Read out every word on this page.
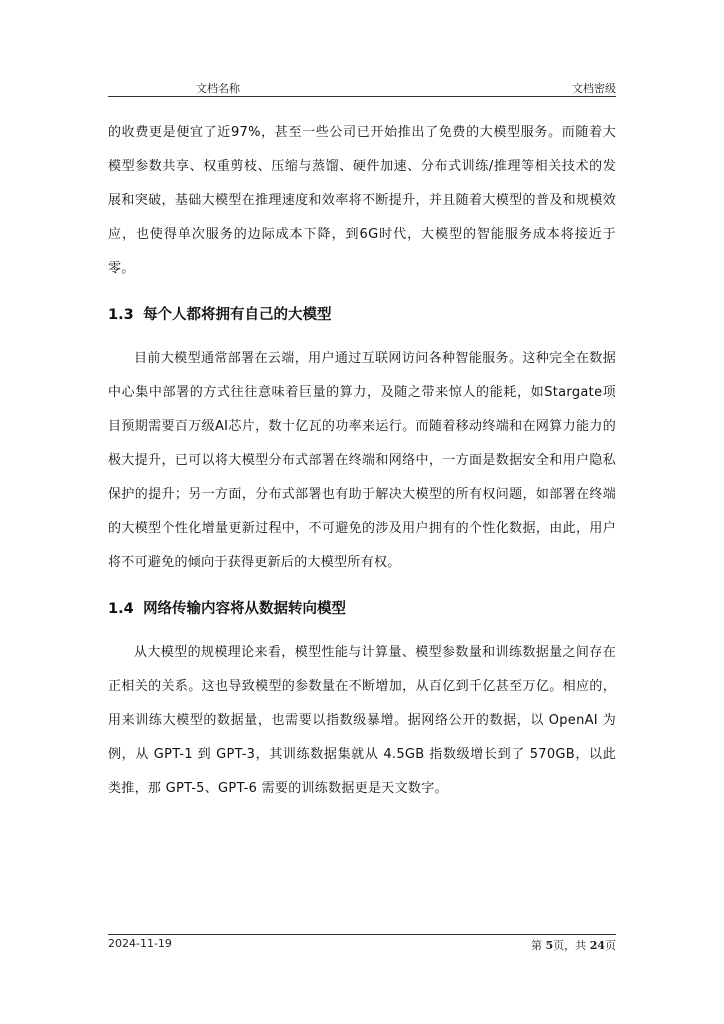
文档名称	文档密级

的收费更是便宜了近97%，甚至一些公司已开始推出了免费的大模型服务。而随着大模型参数共享、权重剪枝、压缩与蒸馏、硬件加速、分布式训练/推理等相关技术的发展和突破，基础大模型在推理速度和效率将不断提升，并且随着大模型的普及和规模效应，也使得单次服务的边际成本下降，到6G时代，大模型的智能服务成本将接近于零。

1.3 每个人都将拥有自己的大模型

目前大模型通常部署在云端，用户通过互联网访问各种智能服务。这种完全在数据中心集中部署的方式往往意味着巨量的算力，及随之带来惊人的能耗，如Stargate项目预期需要百万级AI芯片，数十亿瓦的功率来运行。而随着移动终端和在网算力能力的极大提升，已可以将大模型分布式部署在终端和网络中，一方面是数据安全和用户隐私保护的提升；另一方面，分布式部署也有助于解决大模型的所有权问题，如部署在终端的大模型个性化增量更新过程中，不可避免的涉及用户拥有的个性化数据，由此，用户将不可避免的倾向于获得更新后的大模型所有权。

1.4 网络传输内容将从数据转向模型

从大模型的规模理论来看，模型性能与计算量、模型参数量和训练数据量之间存在正相关的关系。这也导致模型的参数量在不断增加，从百亿到千亿甚至万亿。相应的，用来训练大模型的数据量，也需要以指数级暴增。据网络公开的数据，以 OpenAI 为例，从 GPT-1 到 GPT-3，其训练数据集就从 4.5GB 指数级增长到了 570GB，以此类推，那 GPT-5、GPT-6 需要的训练数据更是天文数字。

2024-11-19	第 5页，共 24页
